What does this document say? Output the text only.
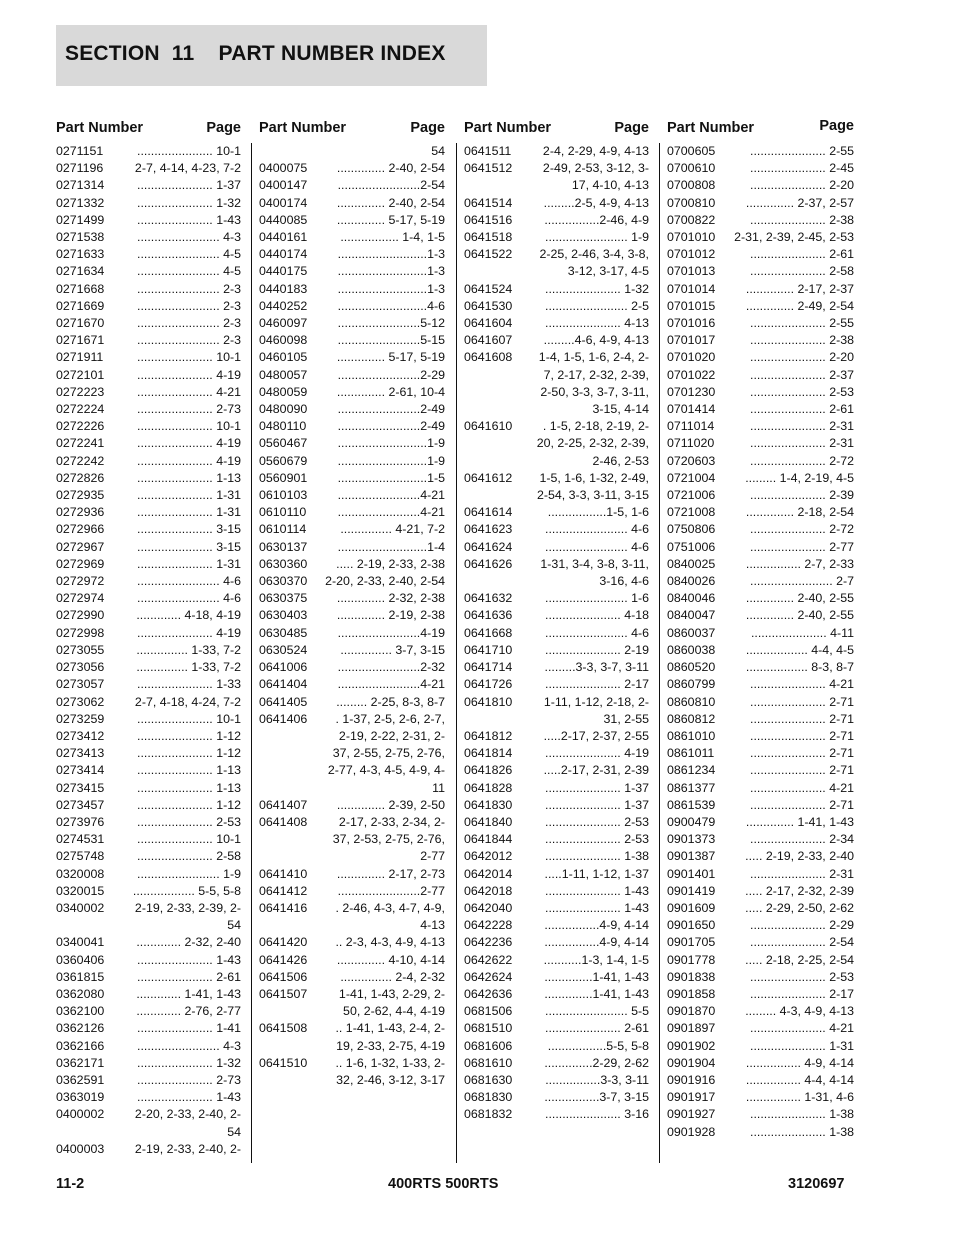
SECTION  11    PART NUMBER INDEX
Part Number	Page
0271151	...................... 10-1
0271196	2-7, 4-14, 4-23, 7-2
0271314	...................... 1-37
0271332	...................... 1-32
0271499	...................... 1-43
0271538	........................ 4-3
0271633	........................ 4-5
0271634	........................ 4-5
0271668	........................ 2-3
0271669	........................ 2-3
0271670	........................ 2-3
0271671	........................ 2-3
0271911	...................... 10-1
0272101	...................... 4-19
0272223	...................... 4-21
0272224	...................... 2-73
0272226	...................... 10-1
0272241	...................... 4-19
0272242	...................... 4-19
0272826	...................... 1-13
0272935	...................... 1-31
0272936	...................... 1-31
0272966	...................... 3-15
0272967	...................... 3-15
0272969	...................... 1-31
0272972	........................ 4-6
0272974	........................ 4-6
0272990	............. 4-18, 4-19
0272998	...................... 4-19
0273055	............... 1-33, 7-2
0273056	............... 1-33, 7-2
0273057	...................... 1-33
0273062	2-7, 4-18, 4-24, 7-2
0273259	...................... 10-1
0273412	...................... 1-12
0273413	...................... 1-12
0273414	...................... 1-13
0273415	...................... 1-13
0273457	...................... 1-12
0273976	...................... 2-53
0274531	...................... 10-1
0275748	...................... 2-58
0320008	........................ 1-9
0320015	.................. 5-5, 5-8
0340002	2-19, 2-33, 2-39, 2-54
0340041	............. 2-32, 2-40
0360406	...................... 1-43
0361815	...................... 2-61
0362080	............. 1-41, 1-43
0362100	............. 2-76, 2-77
0362126	...................... 1-41
0362166	........................ 4-3
0362171	...................... 1-32
0362591	...................... 2-73
0363019	...................... 1-43
0400002	2-20, 2-33, 2-40, 2-54
0400003	2-19, 2-33, 2-40, 2-
Part Number	Page
54
0400075	.............. 2-40, 2-54
0400147	........................2-54
0400174	.............. 2-40, 2-54
0440085	.............. 5-17, 5-19
0440161	................. 1-4, 1-5
0440174	..........................1-3
0440175	..........................1-3
0440183	..........................1-3
0440252	..........................4-6
0460097	........................5-12
0460098	........................5-15
0460105	.............. 5-17, 5-19
0480057	........................2-29
0480059	.............. 2-61, 10-4
0480090	........................2-49
0480110	........................2-49
0560467	..........................1-9
0560679	..........................1-9
0560901	..........................1-5
0610103	........................4-21
0610110	........................4-21
0610114	............... 4-21, 7-2
0630137	..........................1-4
0630360	..... 2-19, 2-33, 2-38
0630370 2-20, 2-33, 2-40, 2-54
0630375	.............. 2-32, 2-38
0630403	.............. 2-19, 2-38
0630485	........................4-19
0630524	............... 3-7, 3-15
0641006	........................2-32
0641404	........................4-21
0641405	......... 2-25, 8-3, 8-7
0641406	. 1-37, 2-5, 2-6, 2-7, 2-19, 2-22, 2-31, 2-37, 2-55, 2-75, 2-76, 2-77, 4-3, 4-5, 4-9, 4-11
0641407	.............. 2-39, 2-50
0641408	2-17, 2-33, 2-34, 2-37, 2-53, 2-75, 2-76, 2-77
0641410	.............. 2-17, 2-73
0641412	........................2-77
0641416	. 2-46, 4-3, 4-7, 4-9, 4-13
0641420	.. 2-3, 4-3, 4-9, 4-13
0641426	.............. 4-10, 4-14
0641506	............... 2-4, 2-32
0641507	1-41, 1-43, 2-29, 2-50, 2-62, 4-4, 4-19
0641508	.. 1-41, 1-43, 2-4, 2-19, 2-33, 2-75, 4-19
0641510	.. 1-6, 1-32, 1-33, 2-32, 2-46, 3-12, 3-17
Part Number	Page
0641511	2-4, 2-29, 4-9, 4-13
0641512	2-49, 2-53, 3-12, 3-17, 4-10, 4-13
0641514	.........2-5, 4-9, 4-13
0641516	................2-46, 4-9
0641518	........................ 1-9
0641522	2-25, 2-46, 3-4, 3-8, 3-12, 3-17, 4-5
0641524	...................... 1-32
0641530	........................ 2-5
0641604	...................... 4-13
0641607	.........4-6, 4-9, 4-13
0641608	1-4, 1-5, 1-6, 2-4, 2-7, 2-17, 2-32, 2-39, 2-50, 3-3, 3-7, 3-11, 3-15, 4-14
0641610	. 1-5, 2-18, 2-19, 2-20, 2-25, 2-32, 2-39, 2-46, 2-53
0641612	1-5, 1-6, 1-32, 2-49, 2-54, 3-3, 3-11, 3-15
0641614	.................1-5, 1-6
0641623	........................ 4-6
0641624	........................ 4-6
0641626	1-31, 3-4, 3-8, 3-11, 3-16, 4-6
0641632	........................ 1-6
0641636	...................... 4-18
0641668	........................ 4-6
0641710	...................... 2-19
0641714	.........3-3, 3-7, 3-11
0641726	...................... 2-17
0641810	1-11, 1-12, 2-18, 2-31, 2-55
0641812	.....2-17, 2-37, 2-55
0641814	...................... 4-19
0641826	.....2-17, 2-31, 2-39
0641828	...................... 1-37
0641830	...................... 1-37
0641840	...................... 2-53
0641844	...................... 2-53
0642012	...................... 1-38
0642014	.....1-11, 1-12, 1-37
0642018	...................... 1-43
0642040	...................... 1-43
0642228	................4-9, 4-14
0642236	................4-9, 4-14
0642622	...........1-3, 1-4, 1-5
0642624	..............1-41, 1-43
0642636	..............1-41, 1-43
0681506	........................ 5-5
0681510	...................... 2-61
0681606	.................5-5, 5-8
0681610	..............2-29, 2-62
0681630	................3-3, 3-11
0681830	................3-7, 3-15
0681832	...................... 3-16
Part Number	Page
0700605	...................... 2-55
0700610	...................... 2-45
0700808	...................... 2-20
0700810	.............. 2-37, 2-57
0700822	...................... 2-38
0701010 2-31, 2-39, 2-45, 2-53
0701012	...................... 2-61
0701013	...................... 2-58
0701014	.............. 2-17, 2-37
0701015	.............. 2-49, 2-54
0701016	...................... 2-55
0701017	...................... 2-38
0701020	...................... 2-20
0701022	...................... 2-37
0701230	...................... 2-53
0701414	...................... 2-61
0711014	...................... 2-31
0711020	...................... 2-31
0720603	...................... 2-72
0721004	......... 1-4, 2-19, 4-5
0721006	...................... 2-39
0721008	.............. 2-18, 2-54
0750806	...................... 2-72
0751006	...................... 2-77
0840025	................ 2-7, 2-33
0840026	........................ 2-7
0840046	.............. 2-40, 2-55
0840047	.............. 2-40, 2-55
0860037	...................... 4-11
0860038	.................. 4-4, 4-5
0860520	.................. 8-3, 8-7
0860799	...................... 4-21
0860810	...................... 2-71
0860812	...................... 2-71
0861010	...................... 2-71
0861011	...................... 2-71
0861234	...................... 2-71
0861377	...................... 4-21
0861539	...................... 2-71
0900479	.............. 1-41, 1-43
0901373	...................... 2-34
0901387	..... 2-19, 2-33, 2-40
0901401	...................... 2-31
0901419	..... 2-17, 2-32, 2-39
0901609	..... 2-29, 2-50, 2-62
0901650	...................... 2-29
0901705	...................... 2-54
0901778	..... 2-18, 2-25, 2-54
0901838	...................... 2-53
0901858	...................... 2-17
0901870	......... 4-3, 4-9, 4-13
0901897	...................... 4-21
0901902	...................... 1-31
0901904	................ 4-9, 4-14
0901916	................ 4-4, 4-14
0901917	................ 1-31, 4-6
0901927	...................... 1-38
0901928	...................... 1-38
11-2	400RTS 500RTS	3120697
